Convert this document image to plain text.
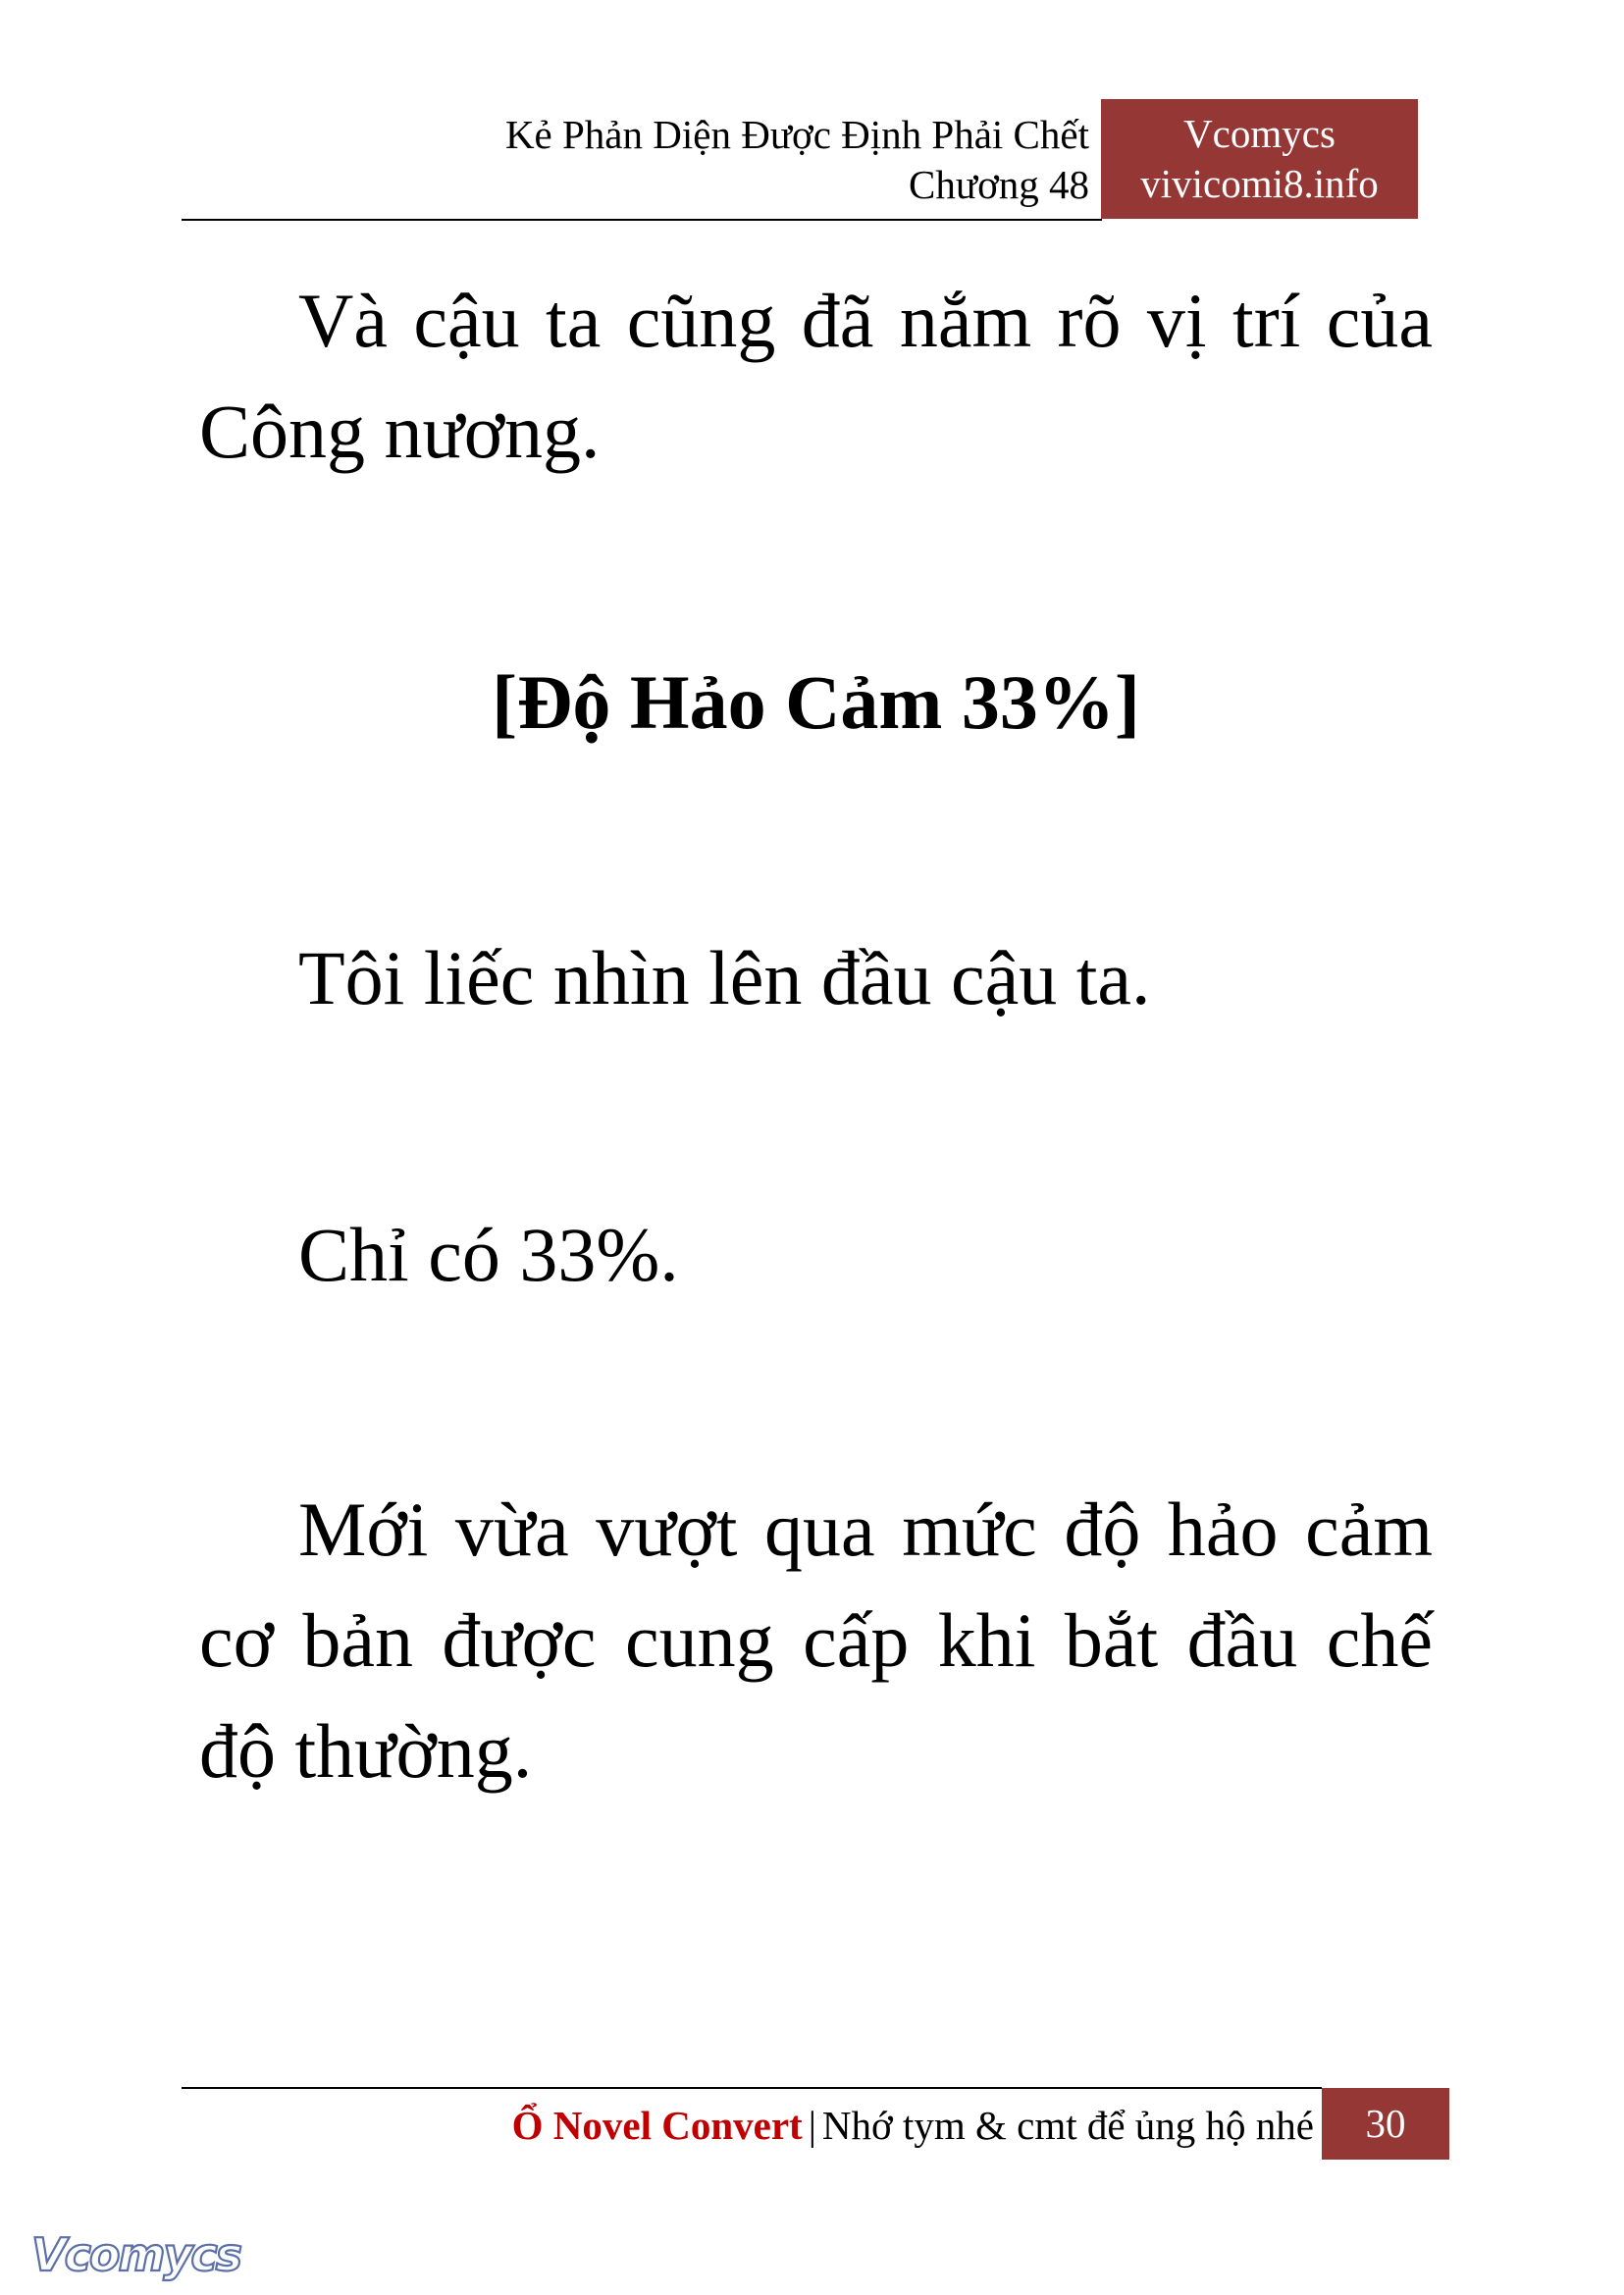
Kẻ Phản Diện Được Định Phải Chết
Chương 48
Vcomycs
vivicomi8.info
Và cậu ta cũng đã nắm rõ vị trí của Công nương.
[Độ Hảo Cảm 33%]
Tôi liếc nhìn lên đầu cậu ta.
Chỉ có 33%.
Mới vừa vượt qua mức độ hảo cảm cơ bản được cung cấp khi bắt đầu chế độ thường.
Ổ Novel Convert | Nhớ tym & cmt để ủng hộ nhé	30
Vcomycs
